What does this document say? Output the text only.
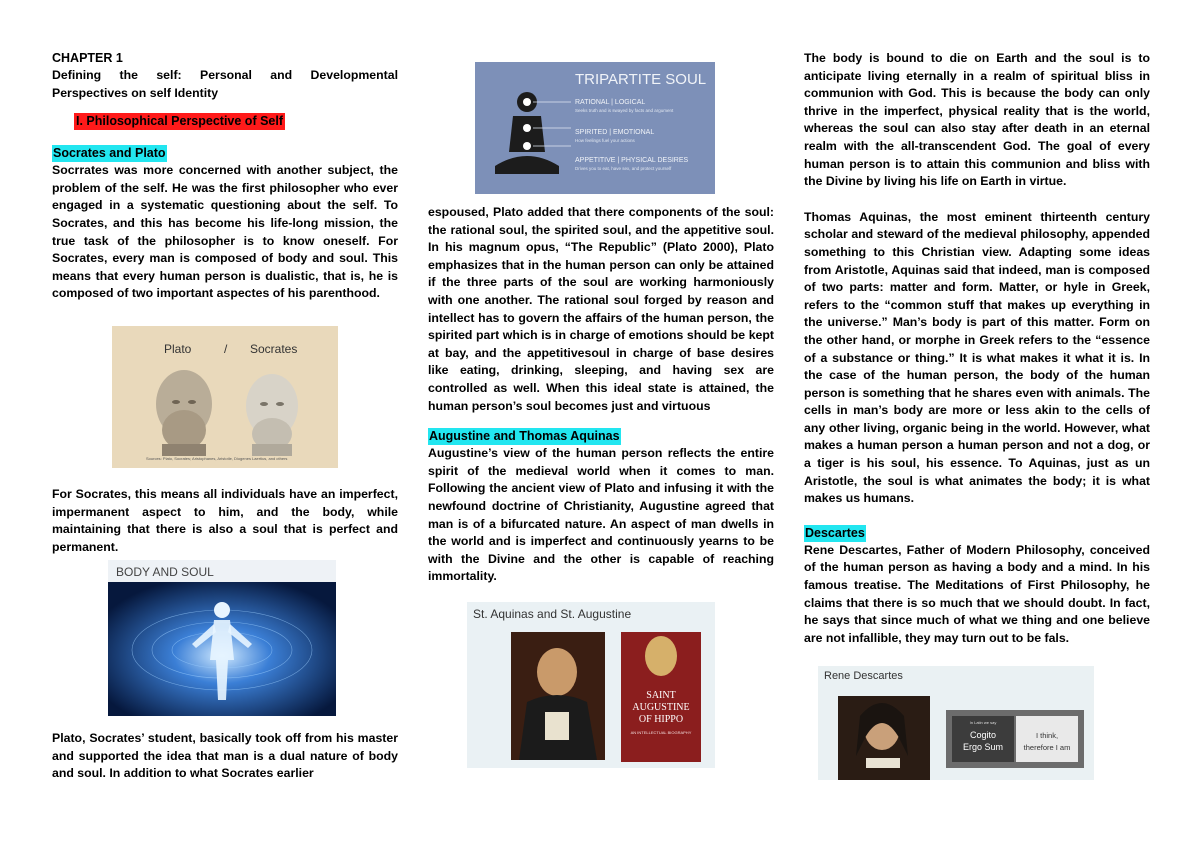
CHAPTER 1
Defining the self: Personal and Developmental Perspectives on self Identity
I. Philosophical Perspective of Self
Socrates and Plato
Socrrates was more concerned with another subject, the problem of the self. He was the first philosopher who ever engaged in a systematic questioning about the self. To Socrates, and this has become his life-long mission, the true task of the philosopher is to know oneself. For Socrates, every man is composed of body and soul. This means that every human person is dualistic, that is, he is composed of two important aspectes of his parenthood.
Plato	/ Socrates
Sources: Plato, Socrates; Aristophanes, Aristotle, Diogenes Laertius, and others
For Socrates, this means all individuals have an imperfect, impermanent aspect to him, and the body, while maintaining that there is also a soul that is perfect and permanent.
BODY AND SOUL
Plato, Socrates’ student, basically took off from his master and supported the idea that man is a dual nature of body and soul. In addition to what Socrates earlier
TRIPARTITE SOUL
RATIONAL | LOGICAL
Seeks truth and is swayed by facts and argument
SPIRITED | EMOTIONAL
How feelings fuel your actions
APPETITIVE | PHYSICAL DESIRES
Drives you to eat, have sex, and protect yourself
espoused, Plato added that there components of the soul: the rational soul, the spirited soul, and the appetitive soul. In his magnum opus, “The Republic” (Plato 2000), Plato emphasizes that in the human person can only be attained if the three parts of the soul are working harmoniously with one another. The rational soul forged by reason and intellect has to govern the affairs of the human person, the spirited part which is in charge of emotions should be kept at bay, and the appetitivesoul in charge of base desires like eating, drinking, sleeping, and having sex are controlled as well. When this ideal state is attained, the human person’s soul becomes just and virtuous
Augustine and Thomas Aquinas
Augustine’s view of the human person reflects the entire spirit of the medieval world when it comes to man. Following the ancient view of Plato and infusing it with the newfound doctrine of Christianity, Augustine agreed that man is of a bifurcated nature. An aspect of man dwells in the world and is imperfect and continuously yearns to be with the Divine and the other is capable of reaching immortality.
SAINT
AUGUSTINE
OF HIPPO
AN INTELLECTUAL BIOGRAPHY
St. Aquinas and St. Augustine
The body is bound to die on Earth and the soul is to anticipate living eternally in a realm of spiritual bliss in communion with God. This is because the body can only thrive in the imperfect, physical reality that is the world, whereas the soul can also stay after death in an eternal realm with the all-transcendent God. The goal of every human person is to attain this communion and bliss with the Divine by living his life on Earth in virtue.
Thomas Aquinas, the most eminent thirteenth century scholar and steward of the medieval philosophy, appended something to this Christian view. Adapting some ideas from Aristotle, Aquinas said that indeed, man is composed of two parts: matter and form. Matter, or hyle in Greek, refers to the “common stuff that makes up everything in the universe.” Man’s body is part of this matter. Form on the other hand, or morphe in Greek refers to the “essence of a substance or thing.” It is what makes it what it is. In the case of the human person, the body of the human person is something that he shares even with animals. The cells in man’s body are more or less akin to the cells of any other living, organic being in the world. However, what makes a human person a human person and not a dog, or a tiger is his soul, his essence. To Aquinas, just as un Aristotle, the soul is what animates the body; it is what makes us humans.
Descartes
Rene Descartes, Father of Modern Philosophy, conceived of the human person as having a body and a mind. In his famous treatise. The Meditations of First Philosophy, he claims that there is so much that we should doubt. In fact, he says that since much of what we thing and one believe are not infallible, they may turn out to be fals.
In Latin we say
Cogito
Ergo Sum
I think,
therefore I am
Rene Descartes
